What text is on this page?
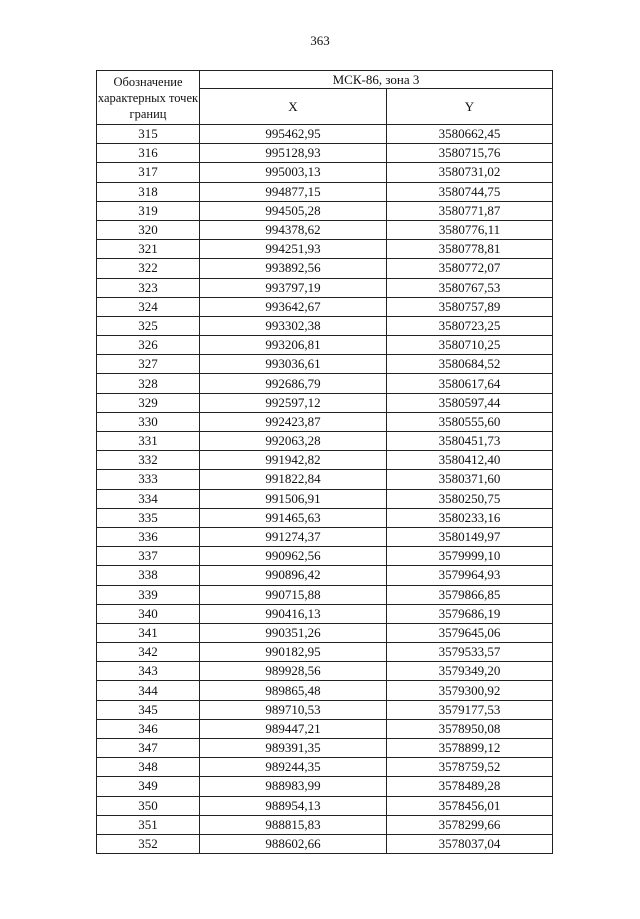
363
Обозначение характерных точек границ	МСК-86, зона 3	
	X	Y
315	995462,95	3580662,45
316	995128,93	3580715,76
317	995003,13	3580731,02
318	994877,15	3580744,75
319	994505,28	3580771,87
320	994378,62	3580776,11
321	994251,93	3580778,81
322	993892,56	3580772,07
323	993797,19	3580767,53
324	993642,67	3580757,89
325	993302,38	3580723,25
326	993206,81	3580710,25
327	993036,61	3580684,52
328	992686,79	3580617,64
329	992597,12	3580597,44
330	992423,87	3580555,60
331	992063,28	3580451,73
332	991942,82	3580412,40
333	991822,84	3580371,60
334	991506,91	3580250,75
335	991465,63	3580233,16
336	991274,37	3580149,97
337	990962,56	3579999,10
338	990896,42	3579964,93
339	990715,88	3579866,85
340	990416,13	3579686,19
341	990351,26	3579645,06
342	990182,95	3579533,57
343	989928,56	3579349,20
344	989865,48	3579300,92
345	989710,53	3579177,53
346	989447,21	3578950,08
347	989391,35	3578899,12
348	989244,35	3578759,52
349	988983,99	3578489,28
350	988954,13	3578456,01
351	988815,83	3578299,66
352	988602,66	3578037,04
